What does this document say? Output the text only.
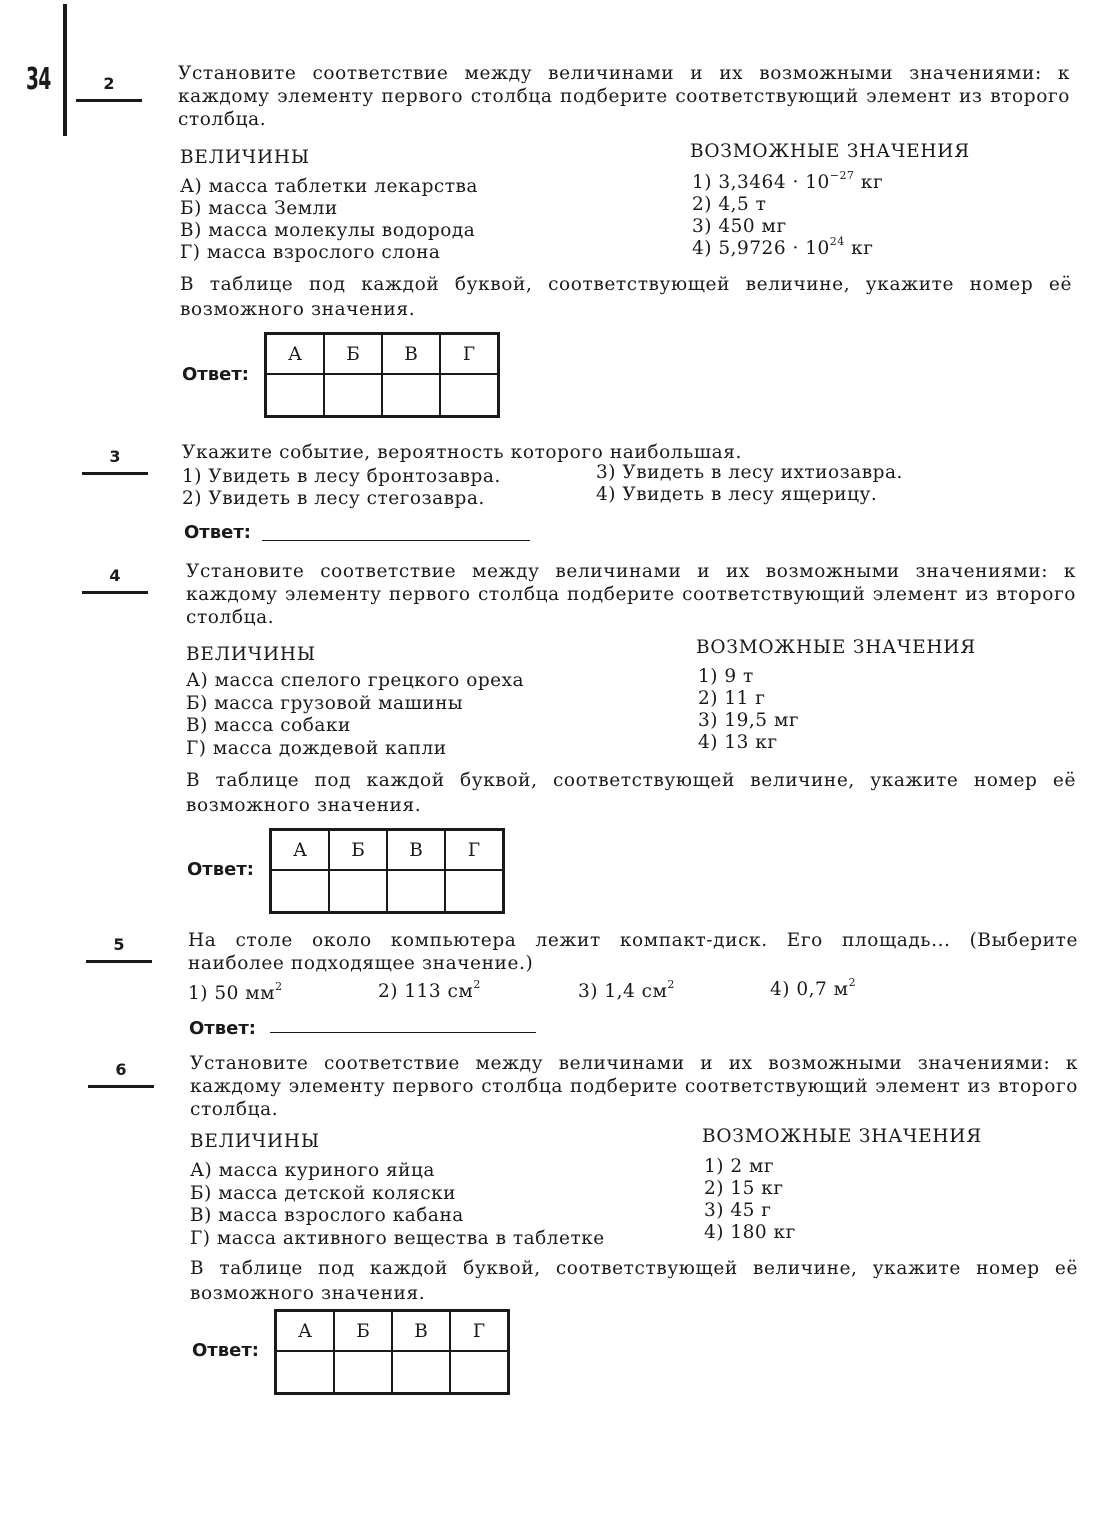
34	2	Установите соответствие между величинами и их возможными значениями: к каждому элементу первого столбца подберите соответствующий элемент из второго столбца.
ВЕЛИЧИНЫ	ВОЗМОЖНЫЕ ЗНАЧЕНИЯ
А) масса таблетки лекарства
Б) масса Земли
В) масса молекулы водорода
Г) масса взрослого слона
1) $3,3464 \cdot 10^{-27}$ кг
2) 4,5 т
3) 450 мг
4) $5,9726 \cdot 10^{24}$ кг
В таблице под каждой буквой, соответствующей величине, укажите номер её возможного значения.
Ответ:
А	Б	В	Г

3	Укажите событие, вероятность которого наибольшая.
1) Увидеть в лесу бронтозавра.
2) Увидеть в лесу стегозавра.
3) Увидеть в лесу ихтиозавра.
4) Увидеть в лесу ящерицу.
Ответ:
4	Установите соответствие между величинами и их возможными значениями: к каждому элементу первого столбца подберите соответствующий элемент из второго столбца.
ВЕЛИЧИНЫ	ВОЗМОЖНЫЕ ЗНАЧЕНИЯ
А) масса спелого грецкого ореха
Б) масса грузовой машины
В) масса собаки
Г) масса дождевой капли
1) 9 т
2) 11 г
3) 19,5 мг
4) 13 кг
В таблице под каждой буквой, соответствующей величине, укажите номер её возможного значения.
Ответ:
А	Б	В	Г

5	На столе около компьютера лежит компакт-диск. Его площадь... (Выберите наиболее подходящее значение.)
1) 50 $мм^2$	2) 113 $см^2$	3) 1,4 $см^2$	4) 0,7 $м^2$
Ответ:
6	Установите соответствие между величинами и их возможными значениями: к каждому элементу первого столбца подберите соответствующий элемент из второго столбца.
ВЕЛИЧИНЫ	ВОЗМОЖНЫЕ ЗНАЧЕНИЯ
А) масса куриного яйца
Б) масса детской коляски
В) масса взрослого кабана
Г) масса активного вещества в таблетке
1) 2 мг
2) 15 кг
3) 45 г
4) 180 кг
В таблице под каждой буквой, соответствующей величине, укажите номер её возможного значения.
Ответ:
А	Б	В	Г
